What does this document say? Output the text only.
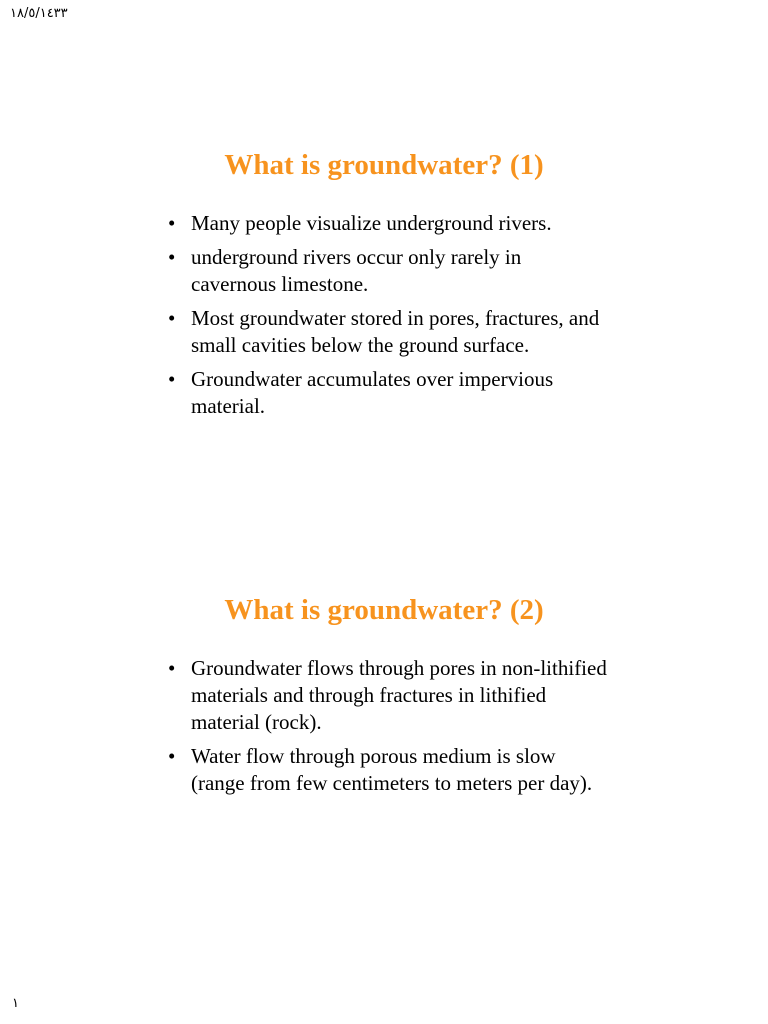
١٨/٥/١٤٣٣
What is groundwater? (1)
• Many people visualize underground rivers.
• underground rivers occur only rarely in cavernous limestone.
• Most groundwater stored in pores, fractures, and small cavities below the ground surface.
• Groundwater accumulates over impervious material.
What is groundwater? (2)
• Groundwater flows through pores in non-lithified materials and through fractures in lithified material (rock).
• Water flow through porous medium is slow (range from few centimeters to meters per day).
١
